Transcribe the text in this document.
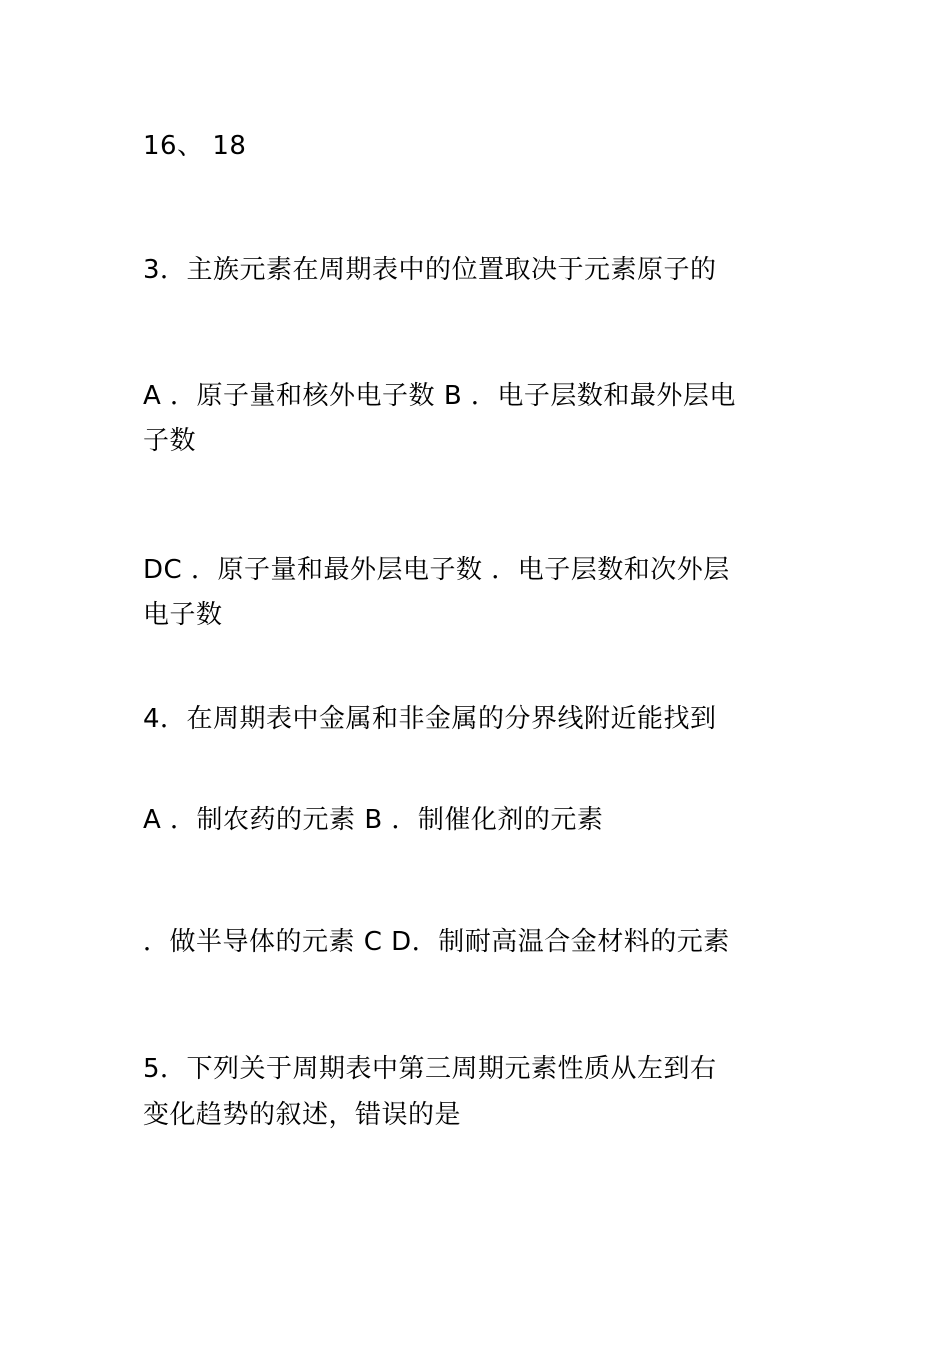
16、 18
3．主族元素在周期表中的位置取决于元素原子的
A ．原子量和核外电子数 B ．电子层数和最外层电
子数
DC ．原子量和最外层电子数 ．电子层数和次外层
电子数
4．在周期表中金属和非金属的分界线附近能找到
A ．制农药的元素 B ．制催化剂的元素
．做半导体的元素 C D．制耐高温合金材料的元素
5．下列关于周期表中第三周期元素性质从左到右
变化趋势的叙述，错误的是
